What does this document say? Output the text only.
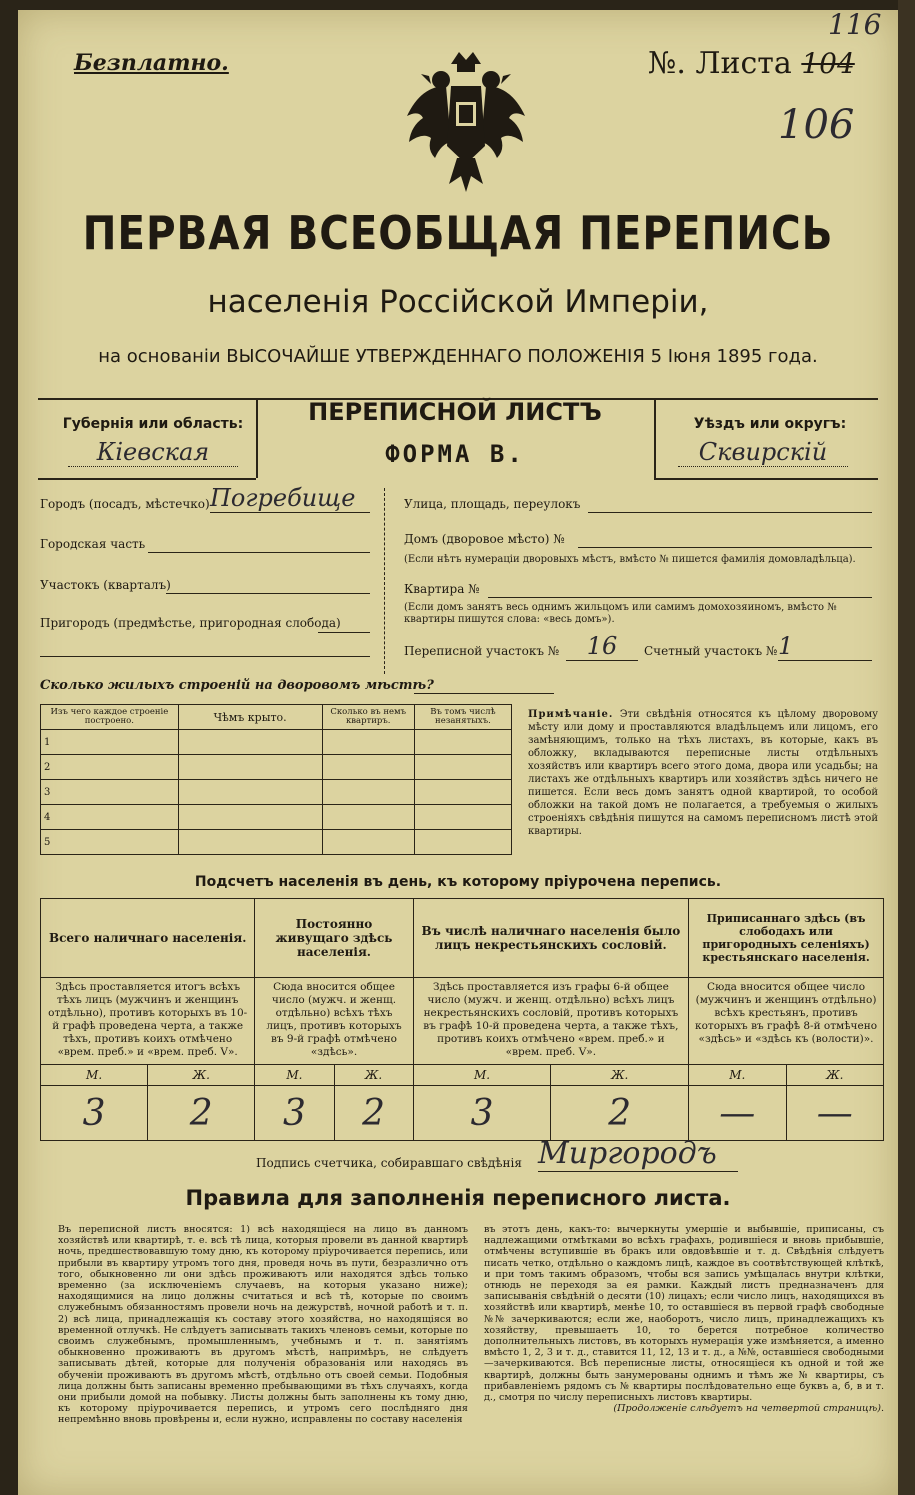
Безплатно.	№. Листа 104
116
106
ПЕРВАЯ ВСЕОБЩАЯ ПЕРЕПИСЬ
населенія Россійской Имперіи,
на основаніи ВЫСОЧАЙШЕ УТВЕРЖДЕННАГО ПОЛОЖЕНІЯ 5 Іюня 1895 года.
Губернія или область:
Кіевская
ПЕРЕПИСНОЙ ЛИСТЪ
ФОРМА В.
Уѣздъ или округъ:
Сквирскій
Городъ (посадъ, мѣстечко) Погребище
Городская часть
Участокъ (кварталъ)
Пригородъ (предмѣстье, пригородная слобода)
Улица, площадь, переулокъ
Домъ (дворовое мѣсто) №
(Если нѣтъ нумераціи дворовыхъ мѣстъ, вмѣсто № пишется фамилія домовладѣльца).
Квартира №
(Если домъ занятъ весь однимъ жильцомъ или самимъ домохозяиномъ, вмѣсто № квартиры пишутся слова: «весь домъ»).
Переписной участокъ №	16	Счетный участокъ № 1
Сколько жилыхъ строеній на дворовомъ мѣстѣ?
Изъ чего каждое строеніе построено.	Чѣмъ крыто.	Сколько въ немъ квартиръ.	Въ томъ числѣ незанятыхъ.
1			
2			
3			
4			
5			
Примѣчаніе. Эти свѣдѣнія относятся къ цѣлому дворовому мѣсту или дому и проставляются владѣльцемъ или лицомъ, его замѣняющимъ, только на тѣхъ листахъ, въ которые, какъ въ обложку, вкладываются переписные листы отдѣльныхъ хозяйствъ или квартиръ всего этого дома, двора или усадьбы; на листахъ же отдѣльныхъ квартиръ или хозяйствъ здѣсь ничего не пишется. Если весь домъ занятъ одной квартирой, то особой обложки на такой домъ не полагается, а требуемыя о жилыхъ строеніяхъ свѣдѣнія пишутся на самомъ переписномъ листѣ этой квартиры.
Подсчетъ населенія въ день, къ которому пріурочена перепись.
Всего наличнаго населенія.		Постоянно живущаго здѣсь населенія.		Въ числѣ наличнаго населенія было лицъ некрестьянскихъ сословій.		Приписаннаго здѣсь (въ слободахъ или пригородныхъ селеніяхъ) крестьянскаго населенія.	
Здѣсь проставляется итогъ всѣхъ тѣхъ лицъ (мужчинъ и женщинъ отдѣльно), противъ которыхъ въ 10-й графѣ проведена черта, а также тѣхъ, противъ коихъ отмѣчено «врем. преб.» и «врем. преб. V».		Сюда вносится общее число (мужч. и женщ. отдѣльно) всѣхъ тѣхъ лицъ, противъ которыхъ въ 9-й графѣ отмѣчено «здѣсь».		Здѣсь проставляется изъ графы 6-й общее число (мужч. и женщ. отдѣльно) всѣхъ лицъ некрестьянскихъ сословій, противъ которыхъ въ графѣ 10-й проведена черта, а также тѣхъ, противъ коихъ отмѣчено «врем. преб.» и «врем. преб. V».		Сюда вносится общее число (мужчинъ и женщинъ отдѣльно) всѣхъ крестьянъ, противъ которыхъ въ графѣ 8-й отмѣчено «здѣсь» и «здѣсь къ (волости)».	
М.	Ж.	М.	Ж.	М.	Ж.	М.	Ж.
3	2	3	2	3	2	—	—
Подпись счетчика, собиравшаго свѣдѣнія Миргородъ
Правила для заполненія переписного листа.
Въ переписной листъ вносятся: 1) всѣ находящіеся на лицо въ данномъ хозяйствѣ или квартирѣ, т. е. всѣ тѣ лица, которыя провели въ данной квартирѣ ночь, предшествовавшую тому дню, къ которому пріурочивается перепись, или прибыли въ квартиру утромъ того дня, проведя ночь въ пути, безразлично отъ того, обыкновенно ли они здѣсь проживаютъ или находятся здѣсь только временно (за исключеніемъ случаевъ, на которыя указано ниже); находящимися на лицо должны считаться и всѣ тѣ, которые по своимъ служебнымъ обязанностямъ провели ночь на дежурствѣ, ночной работѣ и т. п. 2) всѣ лица, принадлежащія къ составу этого хозяйства, но находящіяся во временной отлучкѣ. Не слѣдуетъ записывать такихъ членовъ семьи, которые по своимъ служебнымъ, промышленнымъ, учебнымъ и т. п. занятіямъ обыкновенно проживаютъ въ другомъ мѣстѣ, напримѣръ, не слѣдуетъ записывать дѣтей, которые для полученія образованія или находясь въ обученіи проживаютъ въ другомъ мѣстѣ, отдѣльно отъ своей семьи. Подобныя лица должны быть записаны временно пребывающими въ тѣхъ случаяхъ, когда они прибыли домой на побывку. Листы должны быть заполнены къ тому дню, къ которому пріурочивается перепись, и утромъ сего послѣдняго дня непремѣнно вновь провѣрены и, если нужно, исправлены по составу населенія
въ этотъ день, какъ-то: вычеркнуты умершіе и выбывшіе, приписаны, съ надлежащими отмѣтками во всѣхъ графахъ, родившіеся и вновь прибывшіе, отмѣчены вступившіе въ бракъ или овдовѣвшіе и т. д. Свѣдѣнія слѣдуетъ писать четко, отдѣльно о каждомъ лицѣ, каждое въ соотвѣтствующей клѣткѣ, и при томъ такимъ образомъ, чтобы вся запись умѣщалась внутри клѣтки, отнюдь не переходя за ея рамки. Каждый листъ предназначенъ для записыванія свѣдѣній о десяти (10) лицахъ; если число лицъ, находящихся въ хозяйствѣ или квартирѣ, менѣе 10, то оставшіеся въ первой графѣ свободные №№ зачеркиваются; если же, наоборотъ, число лицъ, принадлежащихъ къ хозяйству, превышаетъ 10, то берется потребное количество дополнительныхъ листовъ, въ которыхъ нумерація уже измѣняется, а именно вмѣсто 1, 2, 3 и т. д., ставится 11, 12, 13 и т. д., а №№, оставшіеся свободными—зачеркиваются. Всѣ переписные листы, относящіеся къ одной и той же квартирѣ, должны быть занумерованы однимъ и тѣмъ же № квартиры, съ прибавленіемъ рядомъ съ № квартиры послѣдовательно еще буквъ а, б, в и т. д., смотря по числу переписныхъ листовъ квартиры.
(Продолженіе слѣдуетъ на четвертой страницѣ).
